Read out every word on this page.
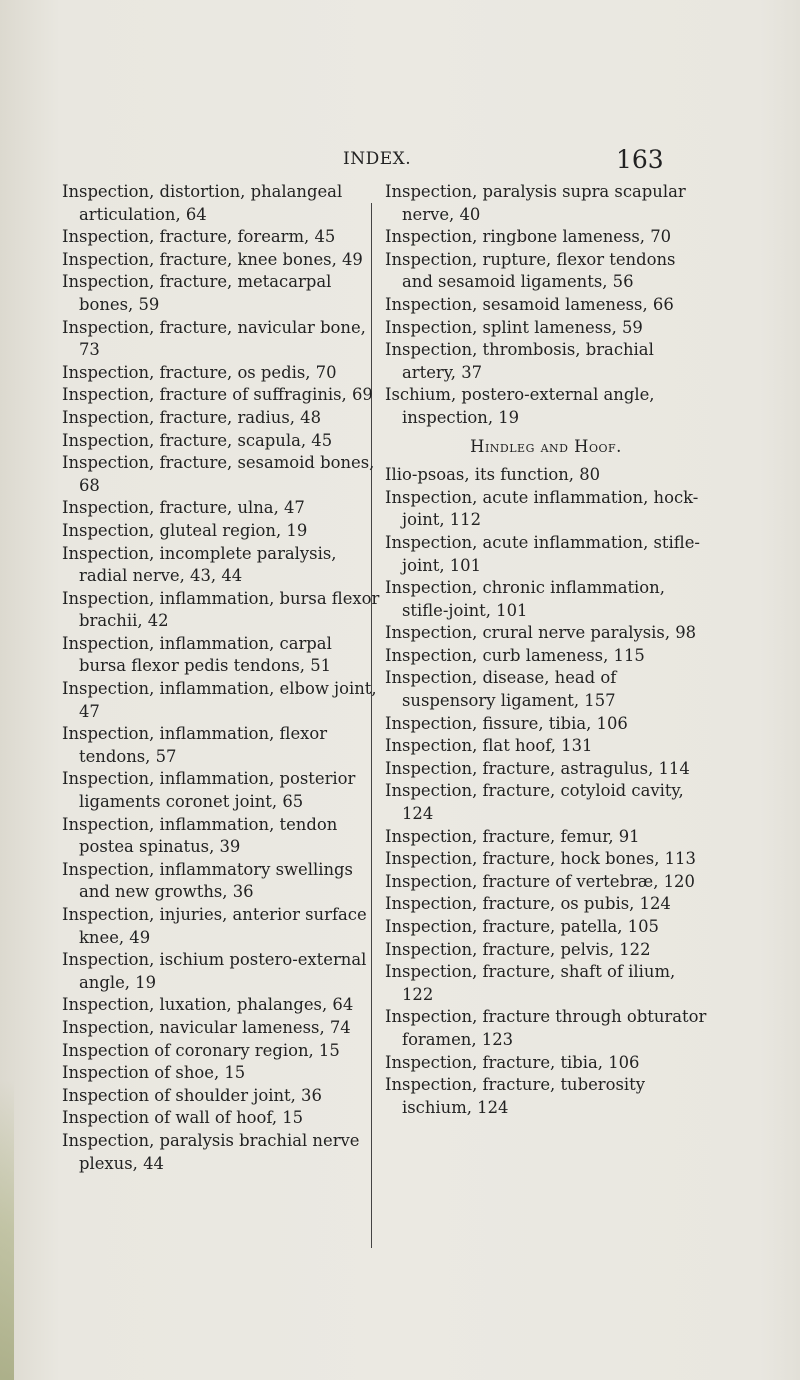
INDEX.	163

Inspection, distortion, phalangeal articulation, 64

Inspection, fracture, forearm, 45

Inspection, fracture, knee bones, 49

Inspection, fracture, metacarpal bones, 59

Inspection, fracture, navicular bone, 73

Inspection, fracture, os pedis, 70

Inspection, fracture of suffraginis, 69

Inspection, fracture, radius, 48

Inspection, fracture, scapula, 45

Inspection, fracture, sesamoid bones, 68

Inspection, fracture, ulna, 47

Inspection, gluteal region, 19

Inspection, incomplete paralysis, radial nerve, 43, 44

Inspection, inflammation, bursa flexor brachii, 42

Inspection, inflammation, carpal bursa flexor pedis tendons, 51

Inspection, inflammation, elbow joint, 47

Inspection, inflammation, flexor tendons, 57

Inspection, inflammation, posterior ligaments coronet joint, 65

Inspection, inflammation, tendon postea spinatus, 39

Inspection, inflammatory swellings and new growths, 36

Inspection, injuries, anterior surface knee, 49

Inspection, ischium postero-external angle, 19

Inspection, luxation, phalanges, 64

Inspection, navicular lameness, 74

Inspection of coronary region, 15

Inspection of shoe, 15

Inspection of shoulder joint, 36

Inspection of wall of hoof, 15

Inspection, paralysis brachial nerve plexus, 44

Inspection, paralysis supra scapular nerve, 40

Inspection, ringbone lameness, 70

Inspection, rupture, flexor tendons and sesamoid ligaments, 56

Inspection, sesamoid lameness, 66

Inspection, splint lameness, 59

Inspection, thrombosis, brachial artery, 37

Ischium, postero-external angle, inspection, 19

Hindleg and Hoof.

Ilio-psoas, its function, 80

Inspection, acute inflammation, hock-joint, 112

Inspection, acute inflammation, stifle-joint, 101

Inspection, chronic inflammation, stifle-joint, 101

Inspection, crural nerve paralysis, 98

Inspection, curb lameness, 115

Inspection, disease, head of suspensory ligament, 157

Inspection, fissure, tibia, 106

Inspection, flat hoof, 131

Inspection, fracture, astragulus, 114

Inspection, fracture, cotyloid cavity, 124

Inspection, fracture, femur, 91

Inspection, fracture, hock bones, 113

Inspection, fracture of vertebræ, 120

Inspection, fracture, os pubis, 124

Inspection, fracture, patella, 105

Inspection, fracture, pelvis, 122

Inspection, fracture, shaft of ilium, 122

Inspection, fracture through obturator foramen, 123

Inspection, fracture, tibia, 106

Inspection, fracture, tuberosity ischium, 124
